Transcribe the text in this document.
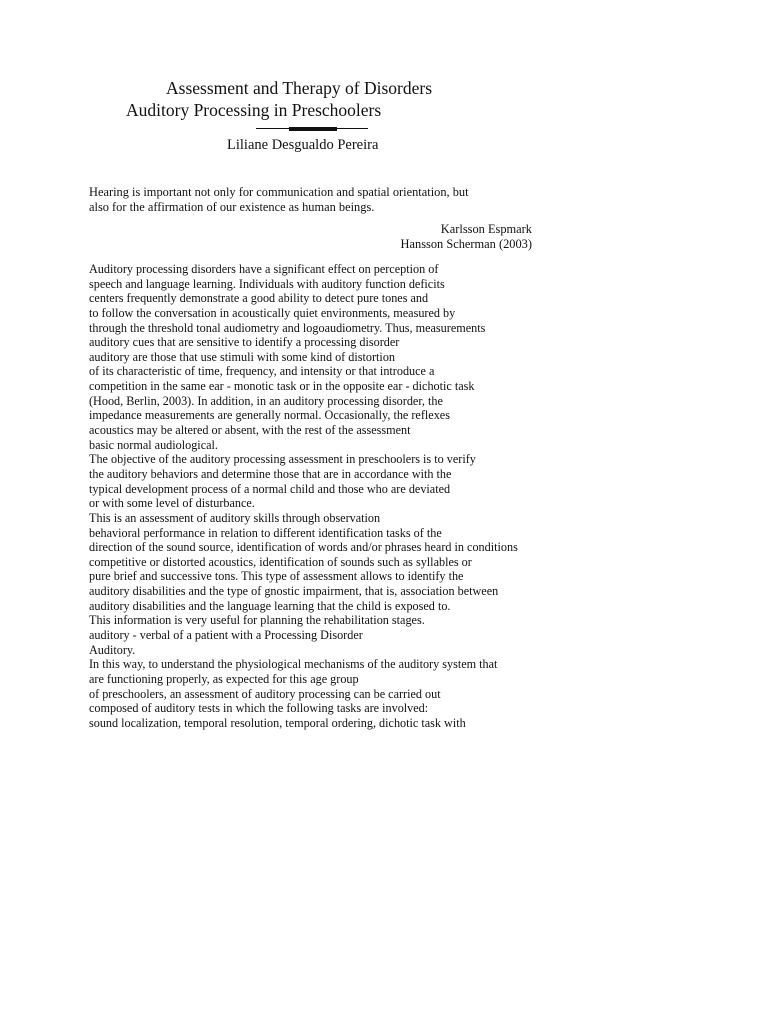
Assessment and Therapy of Disorders
Auditory Processing in Preschoolers
Liliane Desgualdo Pereira
Hearing is important not only for communication and spatial orientation, but
also for the affirmation of our existence as human beings.
Karlsson Espmark
Hansson Scherman (2003)
Auditory processing disorders have a significant effect on perception of
speech and language learning. Individuals with auditory function deficits
centers frequently demonstrate a good ability to detect pure tones and
to follow the conversation in acoustically quiet environments, measured by
through the threshold tonal audiometry and logoaudiometry. Thus, measurements
auditory cues that are sensitive to identify a processing disorder
auditory are those that use stimuli with some kind of distortion
of its characteristic of time, frequency, and intensity or that introduce a
competition in the same ear - monotic task or in the opposite ear - dichotic task
(Hood, Berlin, 2003). In addition, in an auditory processing disorder, the
impedance measurements are generally normal. Occasionally, the reflexes
acoustics may be altered or absent, with the rest of the assessment
basic normal audiological.
The objective of the auditory processing assessment in preschoolers is to verify
the auditory behaviors and determine those that are in accordance with the
typical development process of a normal child and those who are deviated
or with some level of disturbance.
This is an assessment of auditory skills through observation
behavioral performance in relation to different identification tasks of the
direction of the sound source, identification of words and/or phrases heard in conditions
competitive or distorted acoustics, identification of sounds such as syllables or
pure brief and successive tons. This type of assessment allows to identify the
auditory disabilities and the type of gnostic impairment, that is, association between
auditory disabilities and the language learning that the child is exposed to.
This information is very useful for planning the rehabilitation stages.
auditory - verbal of a patient with a Processing Disorder
Auditory.
In this way, to understand the physiological mechanisms of the auditory system that
are functioning properly, as expected for this age group
of preschoolers, an assessment of auditory processing can be carried out
composed of auditory tests in which the following tasks are involved:
sound localization, temporal resolution, temporal ordering, dichotic task with
